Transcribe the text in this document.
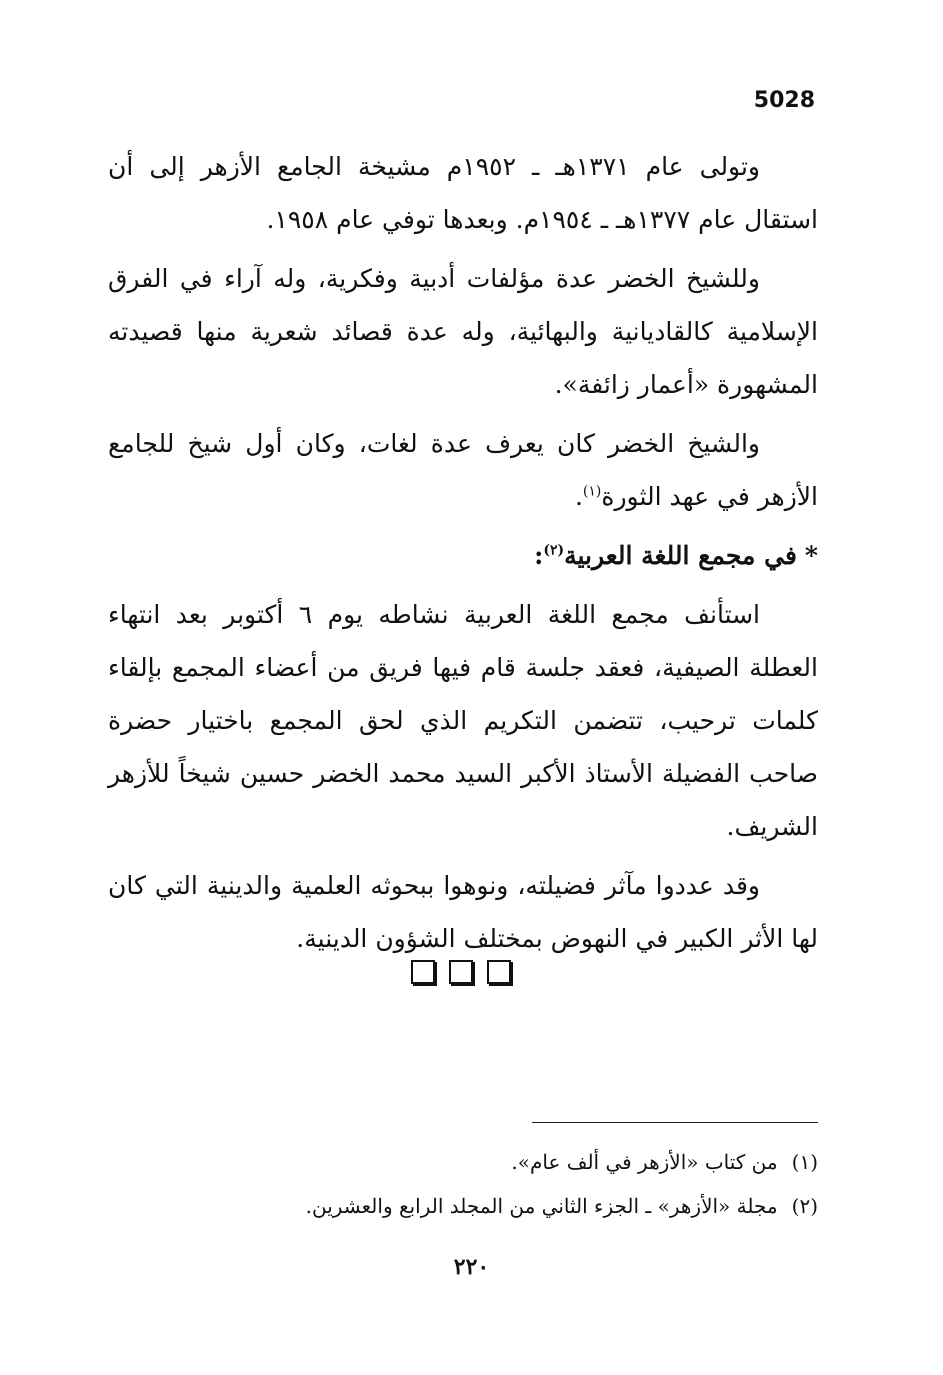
5028

وتولى عام ١٣٧١هـ ـ ١٩٥٢م مشيخة الجامع الأزهر إلى أن استقال عام ١٣٧٧هـ ـ ١٩٥٤م. وبعدها توفي عام ١٩٥٨.

وللشيخ الخضر عدة مؤلفات أدبية وفكرية، وله آراء في الفرق الإسلامية كالقاديانية والبهائية، وله عدة قصائد شعرية منها قصيدته المشهورة «أعمار زائفة».

والشيخ الخضر كان يعرف عدة لغات، وكان أول شيخ للجامع الأزهر في عهد الثورة$^{(١)}$.

*في مجمع اللغة العربية$^{(٢)}$:

استأنف مجمع اللغة العربية نشاطه يوم ٦ أكتوبر بعد انتهاء العطلة الصيفية، فعقد جلسة قام فيها فريق من أعضاء المجمع بإلقاء كلمات ترحيب، تتضمن التكريم الذي لحق المجمع باختيار حضرة صاحب الفضيلة الأستاذ الأكبر السيد محمد الخضر حسين شيخاً للأزهر الشريف.

وقد عددوا مآثر فضيلته، ونوهوا ببحوثه العلمية والدينية التي كان لها الأثر الكبير في النهوض بمختلف الشؤون الدينية.

(١)من كتاب «الأزهر في ألف عام».

(٢)مجلة «الأزهر» ـ الجزء الثاني من المجلد الرابع والعشرين.

٢٢٠
